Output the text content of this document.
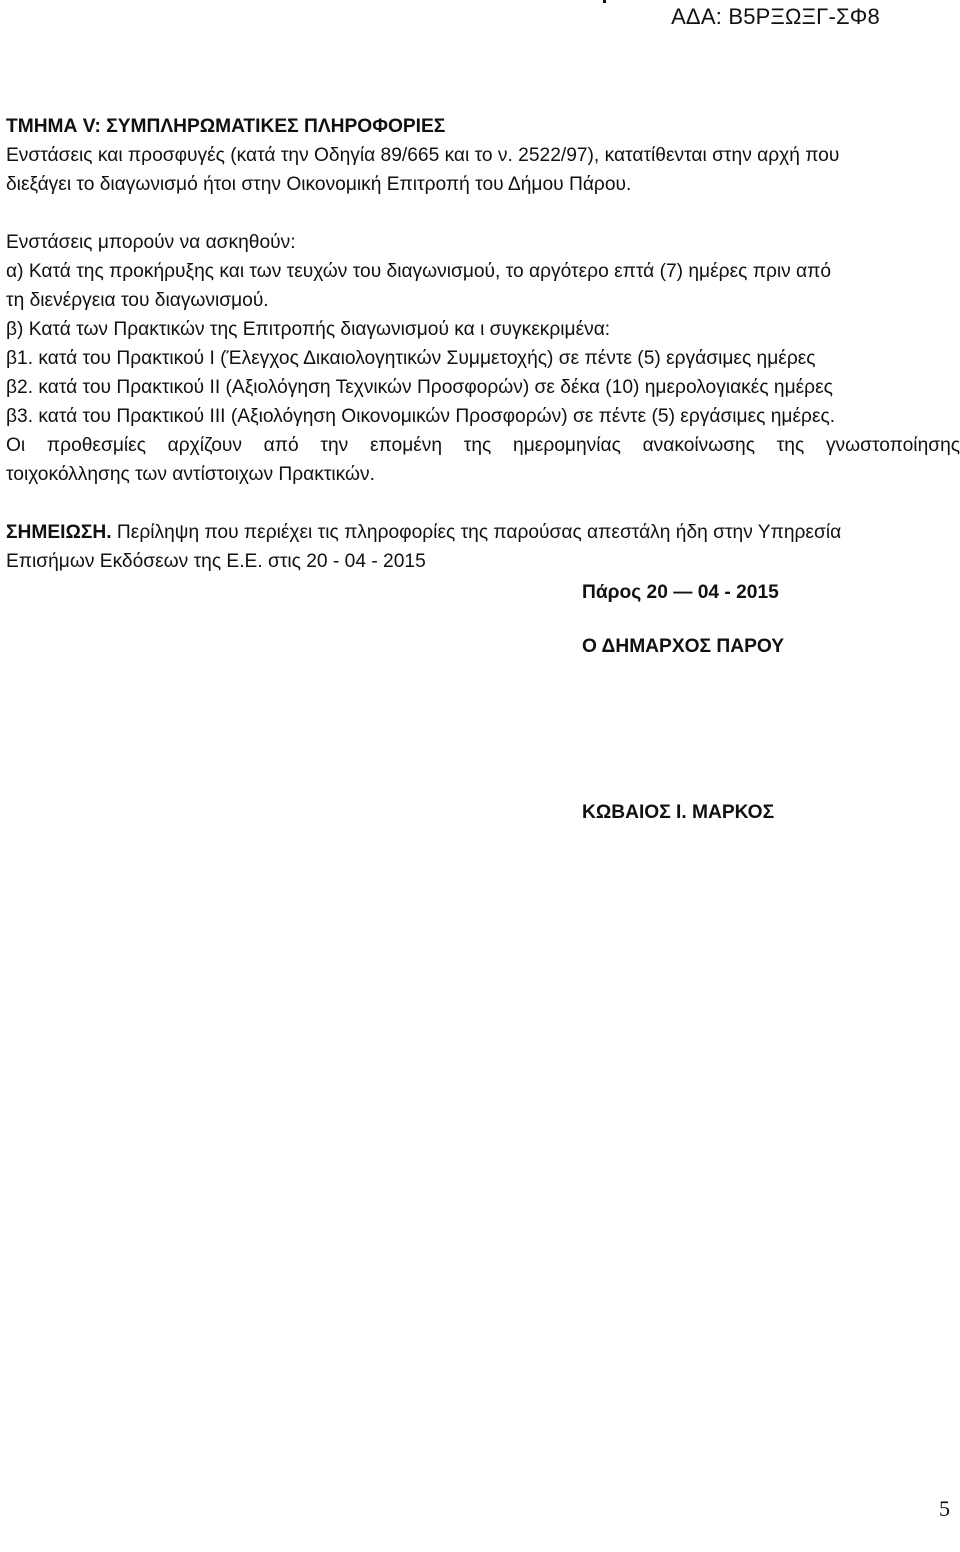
ΑΔΑ: Β5ΡΞΩΞΓ-ΣΦ8
ΤΜΗΜΑ V: ΣΥΜΠΛΗΡΩΜΑΤΙΚΕΣ ΠΛΗΡΟΦΟΡΙΕΣ
Ενστάσεις και προσφυγές (κατά την Οδηγία 89/665 και το ν. 2522/97), κατατίθενται στην αρχή που
διεξάγει το διαγωνισμό ήτοι στην Οικονομική Επιτροπή του Δήμου Πάρου.
Ενστάσεις μπορούν να ασκηθούν:
α) Κατά της προκήρυξης και των τευχών του διαγωνισμού, το αργότερο επτά (7) ημέρες πριν από
τη διενέργεια του διαγωνισμού.
β) Κατά των Πρακτικών της Επιτροπής διαγωνισμού κα ι συγκεκριμένα:
β1. κατά του Πρακτικού Ι (Έλεγχος Δικαιολογητικών Συμμετοχής) σε πέντε (5) εργάσιμες ημέρες
β2. κατά του Πρακτικού ΙΙ (Αξιολόγηση Τεχνικών Προσφορών) σε δέκα (10) ημερολογιακές ημέρες
β3. κατά του Πρακτικού ΙΙΙ (Αξιολόγηση Οικονομικών Προσφορών) σε πέντε (5) εργάσιμες ημέρες.
Οι προθεσμίες αρχίζουν από την επομένη της ημερομηνίας ανακοίνωσης της γνωστοποίησης
τοιχοκόλλησης των αντίστοιχων Πρακτικών.
ΣΗΜΕΙΩΣΗ. Περίληψη που περιέχει τις πληροφορίες της παρούσας απεστάλη ήδη στην Υπηρεσία
Επισήμων Εκδόσεων της Ε.Ε. στις 20 - 04 - 2015
Πάρος 20 — 04 - 2015
Ο ΔΗΜΑΡΧΟΣ ΠΑΡΟΥ
ΚΩΒΑΙΟΣ Ι. ΜΑΡΚΟΣ
5
